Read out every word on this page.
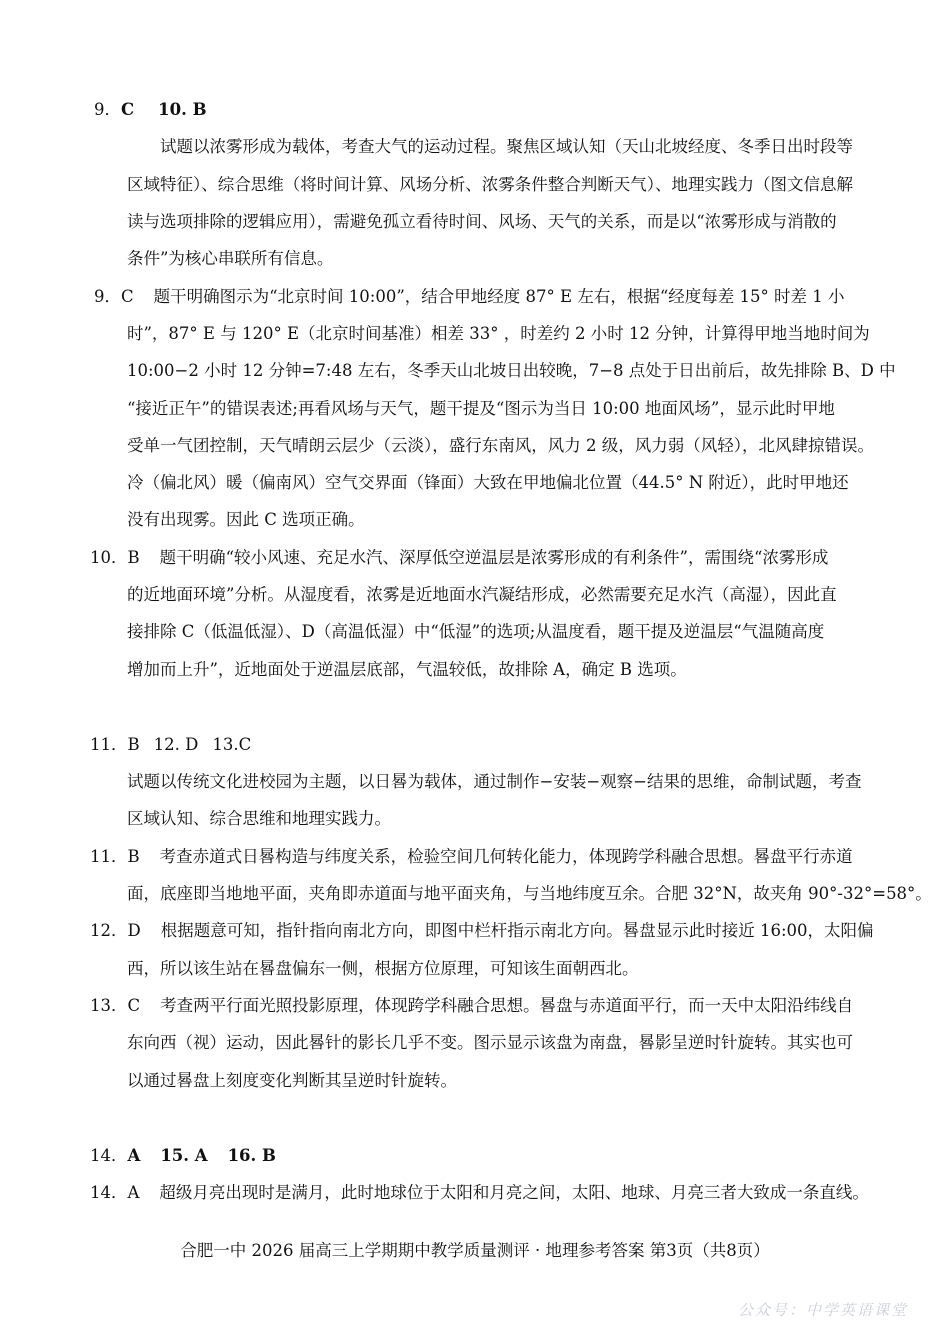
9．C 10. B
试题以浓雾形成为载体，考查大气的运动过程。聚焦区域认知（天山北坡经度、冬季日出时段等
区域特征）、综合思维（将时间计算、风场分析、浓雾条件整合判断天气）、地理实践力（图文信息解
读与选项排除的逻辑应用），需避免孤立看待时间、风场、天气的关系，而是以“浓雾形成与消散的
条件”为核心串联所有信息。
9．C 题干明确图示为“北京时间 10:00”，结合甲地经度 87° E 左右，根据“经度每差 15° 时差 1 小
时”，87° E 与 120° E（北京时间基准）相差 33° ，时差约 2 小时 12 分钟，计算得甲地当地时间为
10:00−2 小时 12 分钟=7:48 左右，冬季天山北坡日出较晚，7−8 点处于日出前后，故先排除 B、D 中
“接近正午”的错误表述;再看风场与天气，题干提及“图示为当日 10:00 地面风场”，显示此时甲地
受单一气团控制，天气晴朗云层少（云淡），盛行东南风，风力 2 级，风力弱（风轻），北风肆掠错误。
冷（偏北风）暖（偏南风）空气交界面（锋面）大致在甲地偏北位置（44.5° N 附近），此时甲地还
没有出现雾。因此 C 选项正确。
10．B 题干明确“较小风速、充足水汽、深厚低空逆温层是浓雾形成的有利条件”，需围绕“浓雾形成
的近地面环境”分析。从湿度看，浓雾是近地面水汽凝结形成，必然需要充足水汽（高湿），因此直
接排除 C（低温低湿）、D（高温低湿）中“低湿”的选项;从温度看，题干提及逆温层“气温随高度
增加而上升”，近地面处于逆温层底部，气温较低，故排除 A，确定 B 选项。
11．B 12. D 13.C
试题以传统文化进校园为主题，以日晷为载体，通过制作−安装−观察−结果的思维，命制试题，考查
区域认知、综合思维和地理实践力。
11．B 考查赤道式日晷构造与纬度关系，检验空间几何转化能力，体现跨学科融合思想。晷盘平行赤道
面，底座即当地地平面，夹角即赤道面与地平面夹角，与当地纬度互余。合肥 32°N，故夹角 90°-32°=58°。
12．D 根据题意可知，指针指向南北方向，即图中栏杆指示南北方向。晷盘显示此时接近 16:00，太阳偏
西，所以该生站在晷盘偏东一侧，根据方位原理，可知该生面朝西北。
13．C 考查两平行面光照投影原理，体现跨学科融合思想。晷盘与赤道面平行，而一天中太阳沿纬线自
东向西（视）运动，因此晷针的影长几乎不变。图示显示该盘为南盘，晷影呈逆时针旋转。其实也可
以通过晷盘上刻度变化判断其呈逆时针旋转。
14．A 15. A 16. B
14．A 超级月亮出现时是满月，此时地球位于太阳和月亮之间，太阳、地球、月亮三者大致成一条直线。
合肥一中 2026 届高三上学期期中教学质量测评 · 地理参考答案 第3页（共8页）
公众号：中学英语课堂
